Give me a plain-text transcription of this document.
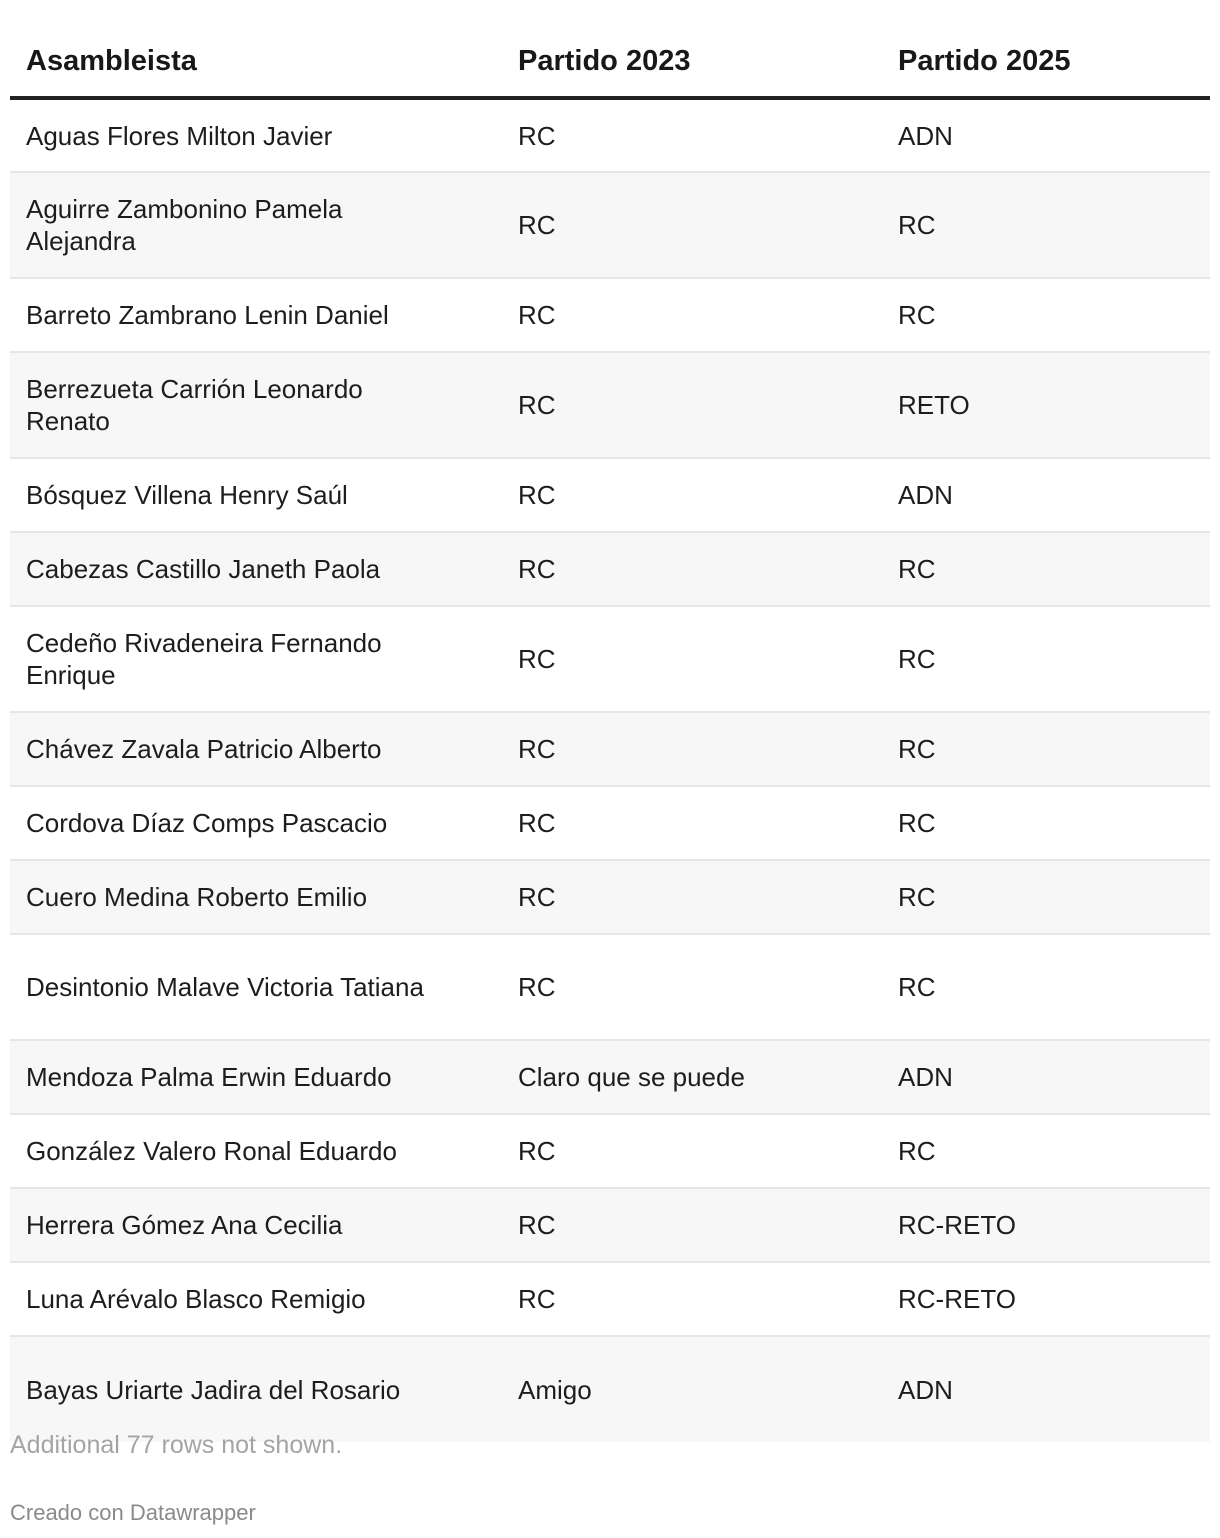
Asambleista	Partido 2023	Partido 2025
Aguas Flores Milton Javier	RC	ADN
Aguirre Zambonino Pamela Alejandra	RC	RC
Barreto Zambrano Lenin Daniel	RC	RC
Berrezueta Carrión Leonardo Renato	RC	RETO
Bósquez Villena Henry Saúl	RC	ADN
Cabezas Castillo Janeth Paola	RC	RC
Cedeño Rivadeneira Fernando Enrique	RC	RC
Chávez Zavala Patricio Alberto	RC	RC
Cordova Díaz Comps Pascacio	RC	RC
Cuero Medina Roberto Emilio	RC	RC
Desintonio Malave Victoria Tatiana	RC	RC
Mendoza Palma Erwin Eduardo	Claro que se puede	ADN
González Valero Ronal Eduardo	RC	RC
Herrera Gómez Ana Cecilia	RC	RC-RETO
Luna Arévalo Blasco Remigio	RC	RC-RETO
Bayas Uriarte Jadira del Rosario	Amigo	ADN
Additional 77 rows not shown.
Creado con Datawrapper
